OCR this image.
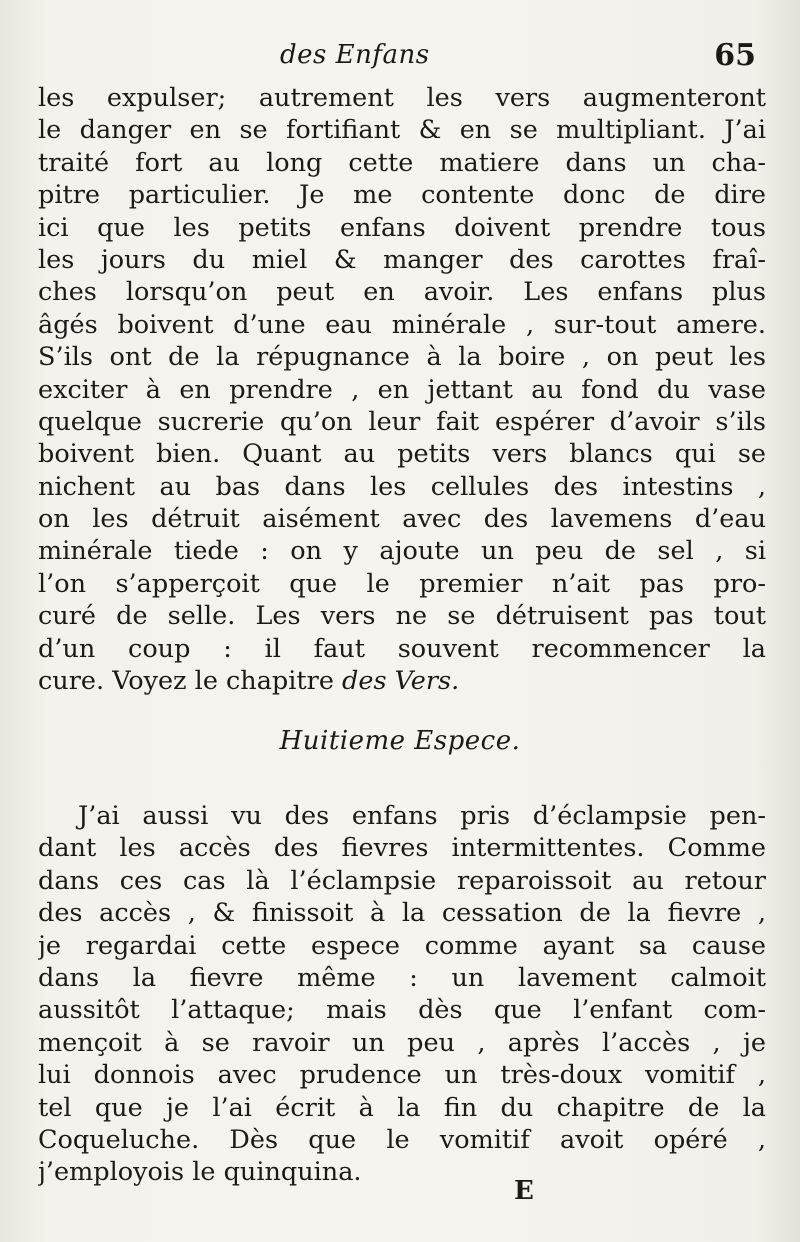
des Enfans	65
les expulser; autrement les vers augmenteront
le danger en se fortifiant & en se multipliant. J’ai
traité fort au long cette matiere dans un cha-
pitre particulier. Je me contente donc de dire
ici que les petits enfans doivent prendre tous
les jours du miel & manger des carottes fraî-
ches lorsqu’on peut en avoir. Les enfans plus
âgés boivent d’une eau minérale , sur-tout amere.
S’ils ont de la répugnance à la boire , on peut les
exciter à en prendre , en jettant au fond du vase
quelque sucrerie qu’on leur fait espérer d’avoir s’ils
boivent bien. Quant au petits vers blancs qui se
nichent au bas dans les cellules des intestins ,
on les détruit aisément avec des lavemens d’eau
minérale tiede : on y ajoute un peu de sel , si
l’on s’apperçoit que le premier n’ait pas pro-
curé de selle. Les vers ne se détruisent pas tout
d’un coup : il faut souvent recommencer la
cure. Voyez le chapitre des Vers.
Huitieme Espece.
J’ai aussi vu des enfans pris d’éclampsie pen-
dant les accès des fievres intermittentes. Comme
dans ces cas là l’éclampsie reparoissoit au retour
des accès , & finissoit à la cessation de la fievre ,
je regardai cette espece comme ayant sa cause
dans la fievre même : un lavement calmoit
aussitôt l’attaque; mais dès que l’enfant com-
mençoit à se ravoir un peu , après l’accès , je
lui donnois avec prudence un très-doux vomitif ,
tel que je l’ai écrit à la fin du chapitre de la
Coqueluche. Dès que le vomitif avoit opéré ,
j’employois le quinquina.
E
